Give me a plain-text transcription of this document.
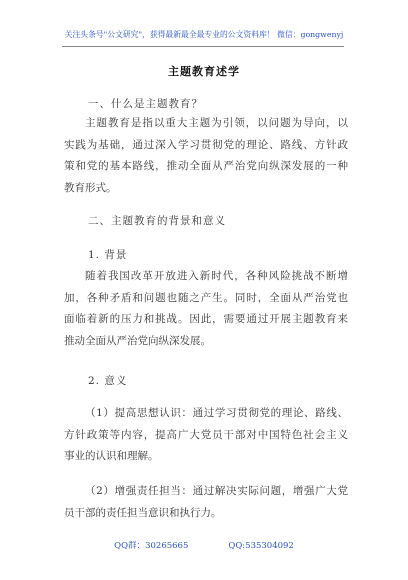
关注头条号"公文研究"，获得最新最全最专业的公文资料库！ 微信：gongwenyj
主题教育述学
一、什么是主题教育？
主题教育是指以重大主题为引领，以问题为导向，以
实践为基础，通过深入学习贯彻党的理论、路线、方针政
策和党的基本路线，推动全面从严治党向纵深发展的一种
教育形式。
二、主题教育的背景和意义
1. 背景
随着我国改革开放进入新时代，各种风险挑战不断增
加，各种矛盾和问题也随之产生。同时，全面从严治党也
面临着新的压力和挑战。因此，需要通过开展主题教育来
推动全面从严治党向纵深发展。
2. 意义
（1）提高思想认识：通过学习贯彻党的理论、路线、
方针政策等内容，提高广大党员干部对中国特色社会主义
事业的认识和理解。
（2）增强责任担当：通过解决实际问题，增强广大党
员干部的责任担当意识和执行力。
QQ群：30265665	QQ:535304092
